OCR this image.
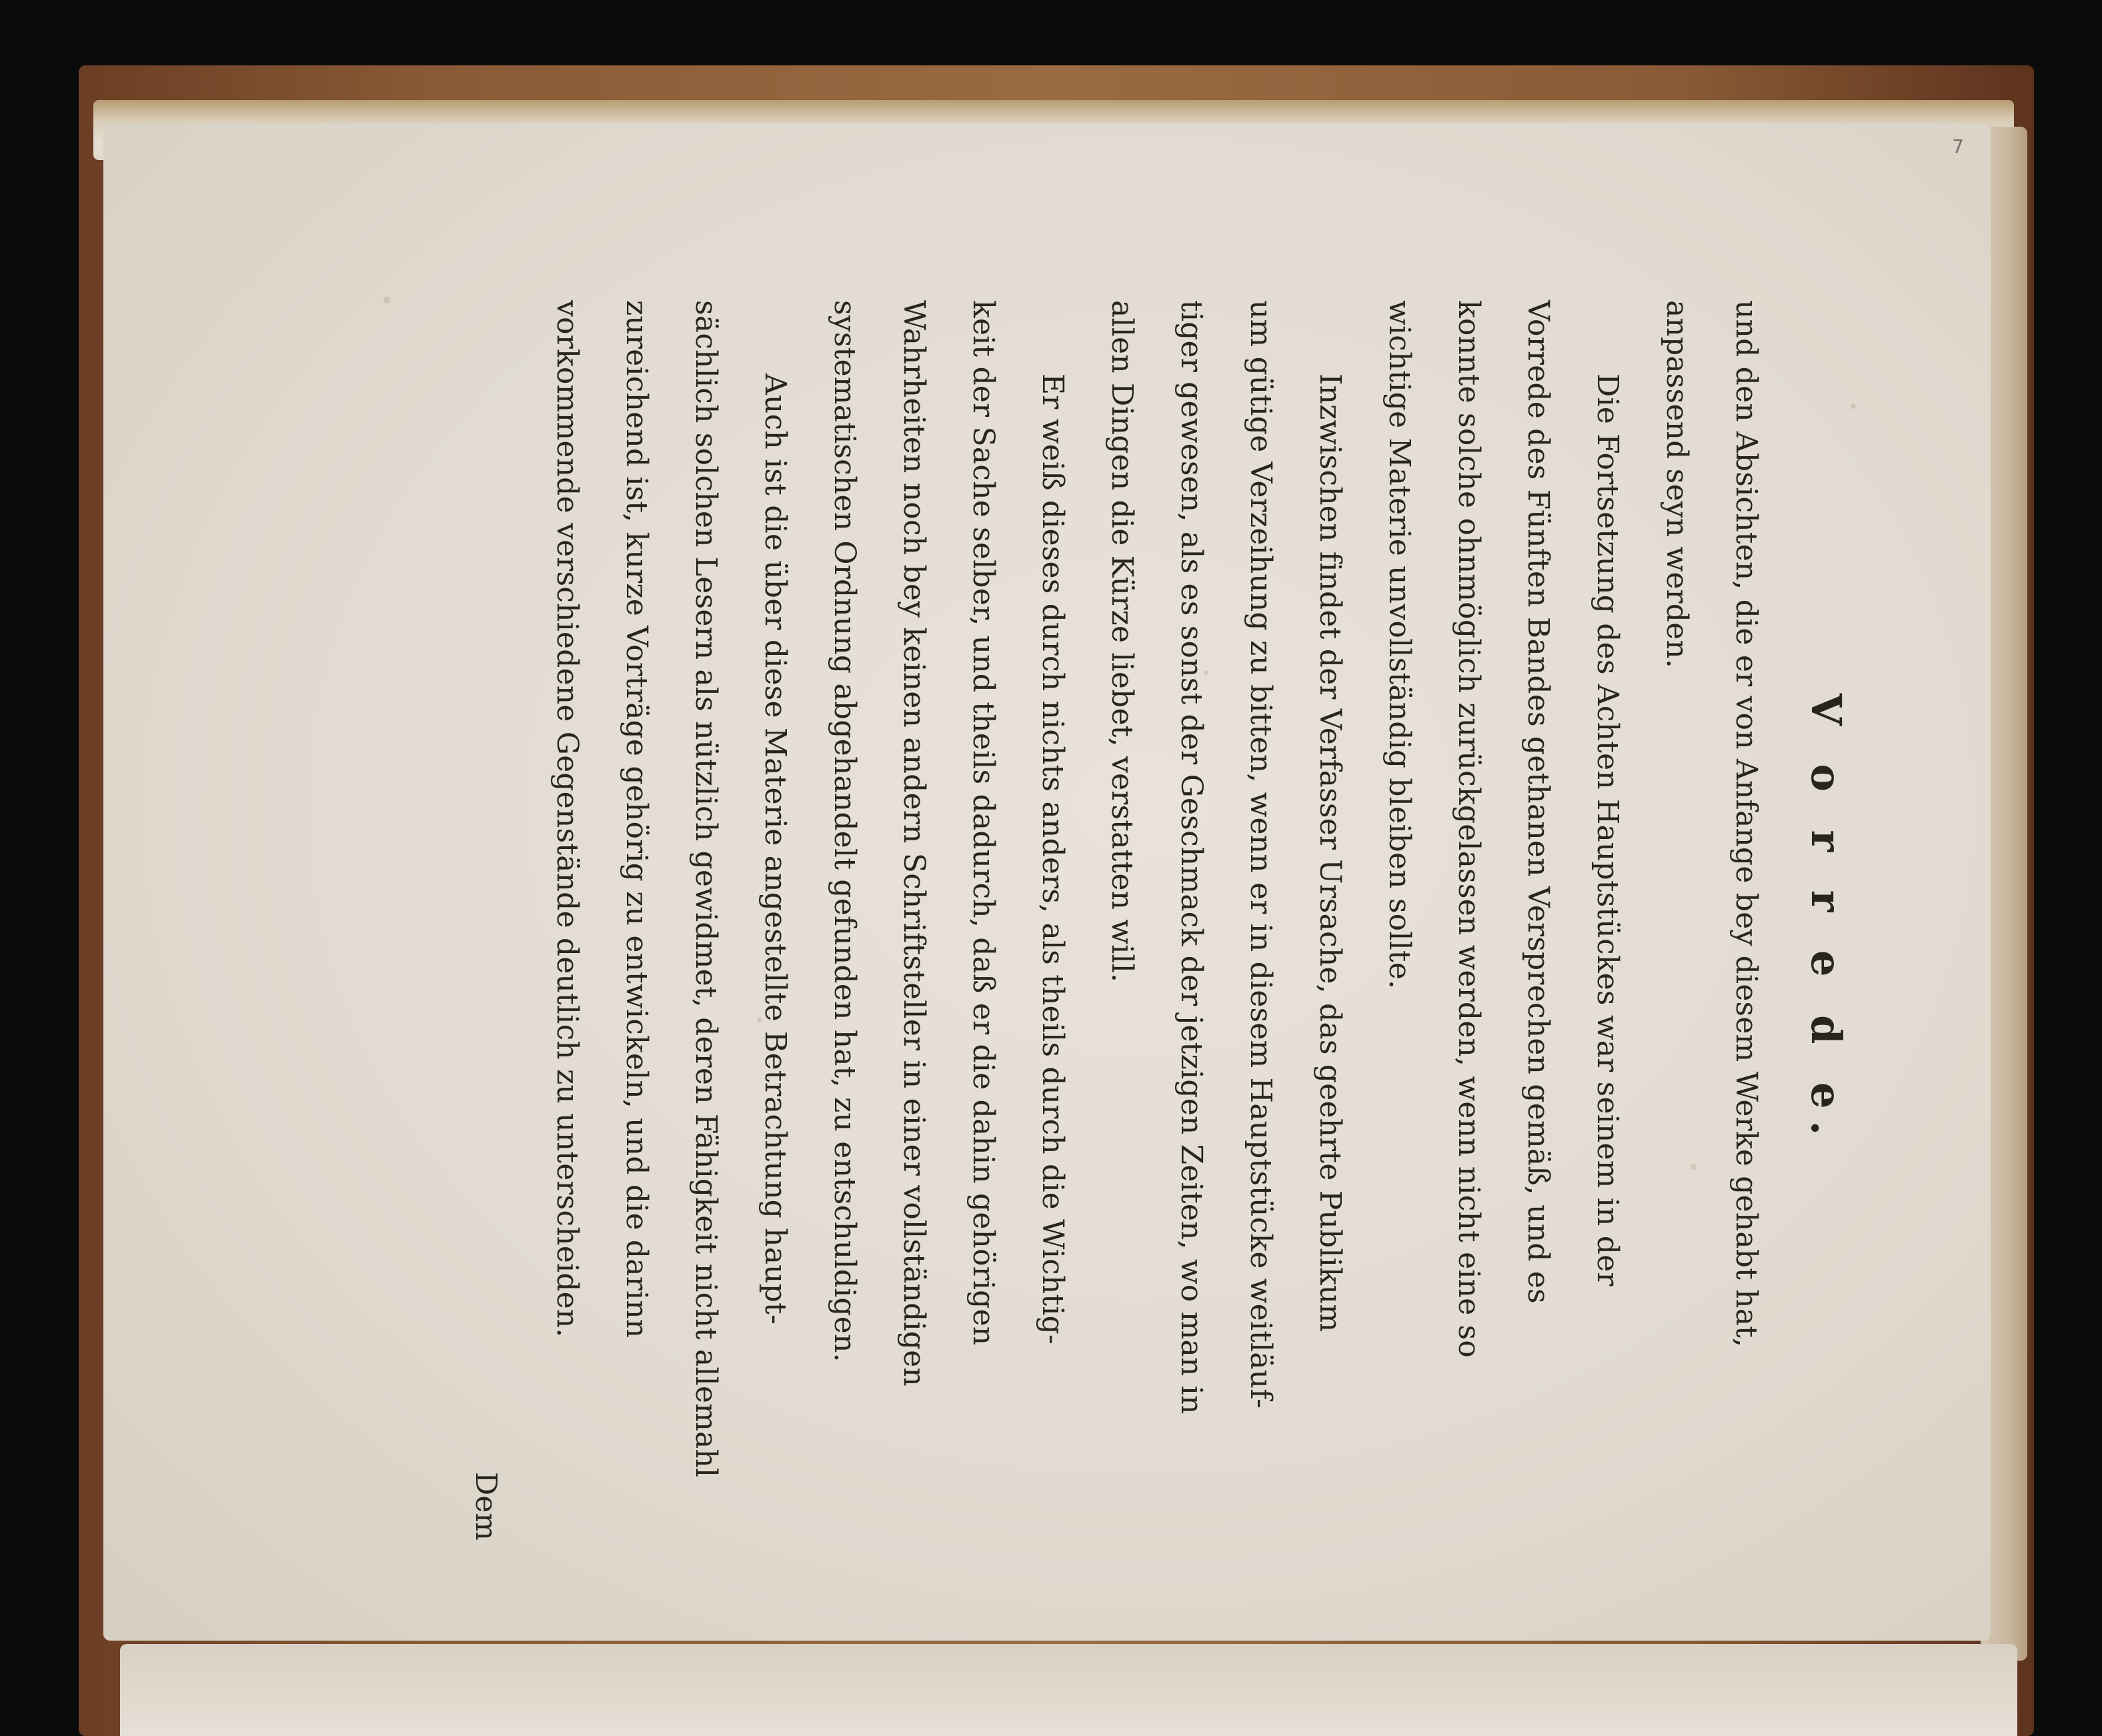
7
V o r r e d e.
und den Absichten, die er von Anfange bey diesem Werke gehabt hat,
anpassend seyn werden.
Die Fortsetzung des Achten Hauptstückes war seinem in der
Vorrede des Fünften Bandes gethanen Versprechen gemäß, und es
konnte solche ohnmöglich zurückgelassen werden, wenn nicht eine so
wichtige Materie unvollständig bleiben sollte.
Inzwischen findet der Verfasser Ursache, das geehrte Publikum
um gütige Verzeihung zu bitten, wenn er in diesem Hauptstücke weitläuf-
tiger gewesen, als es sonst der Geschmack der jetzigen Zeiten, wo man in
allen Dingen die Kürze liebet, verstatten will.
Er weiß dieses durch nichts anders, als theils durch die Wichtig-
keit der Sache selber, und theils dadurch, daß er die dahin gehörigen
Wahrheiten noch bey keinen andern Schriftsteller in einer vollständigen
systematischen Ordnung abgehandelt gefunden hat, zu entschuldigen.
Auch ist die über diese Materie angestellte Betrachtung haupt-
sächlich solchen Lesern als nützlich gewidmet, deren Fähigkeit nicht allemahl
zureichend ist, kurze Vorträge gehörig zu entwickeln, und die darinn
vorkommende verschiedene Gegenstände deutlich zu unterscheiden.
Dem
